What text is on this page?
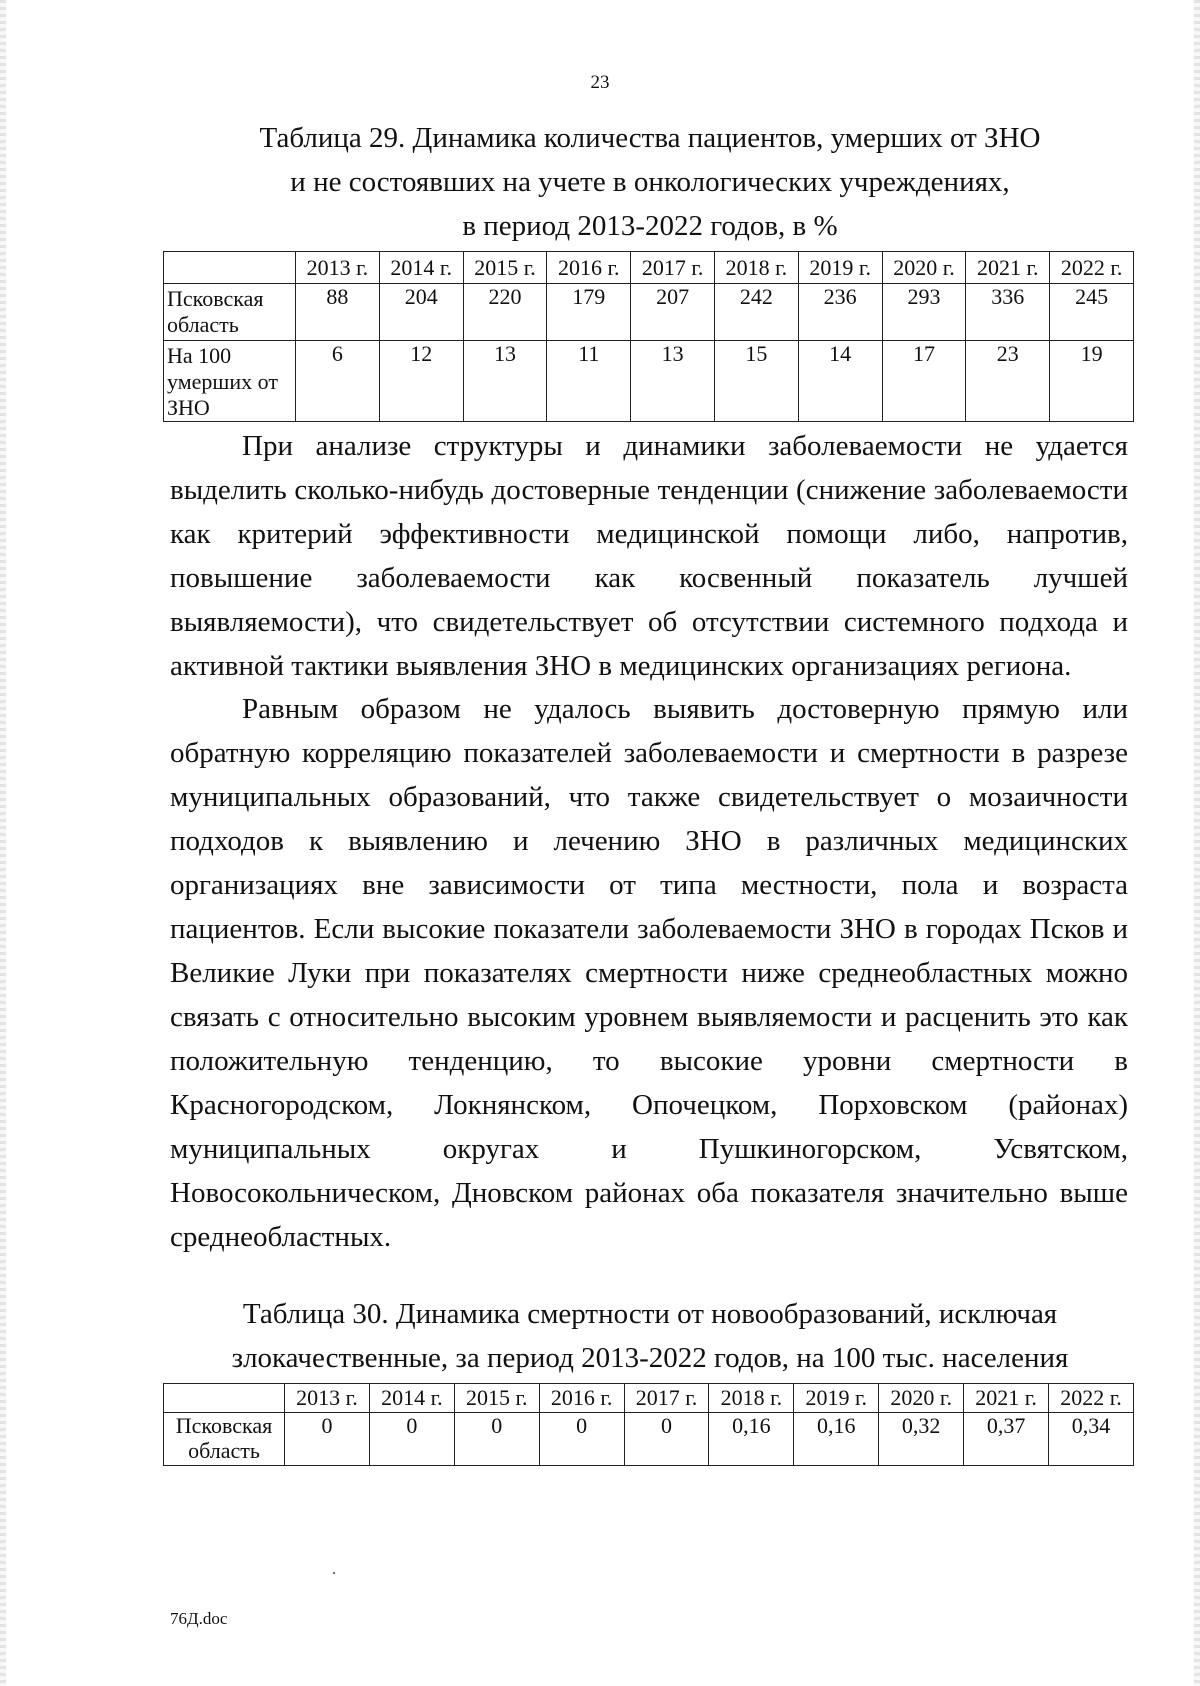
23
Таблица 29. Динамика количества пациентов, умерших от ЗНО
и не состоявших на учете в онкологических учреждениях,
в период 2013-2022 годов, в %
	2013 г.	2014 г.	2015 г.	2016 г.	2017 г.	2018 г.	2019 г.	2020 г.	2021 г.	2022 г.

Псковская
область	88	204	220	179	207	242	236	293	336	245

На 100
умерших от
ЗНО	6	12	13	11	13	15	14	17	23	19

При анализе структуры и динамики заболеваемости не удается выделить сколько-нибудь достоверные тенденции (снижение заболеваемости как критерий эффективности медицинской помощи либо, напротив, повышение заболеваемости как косвенный показатель лучшей выявляемости), что свидетельствует об отсутствии системного подхода и активной тактики выявления ЗНО в медицинских организациях региона.

Равным образом не удалось выявить достоверную прямую или обратную корреляцию показателей заболеваемости и смертности в разрезе муниципальных образований, что также свидетельствует о мозаичности подходов к выявлению и лечению ЗНО в различных медицинских организациях вне зависимости от типа местности, пола и возраста пациентов. Если высокие показатели заболеваемости ЗНО в городах Псков и Великие Луки при показателях смертности ниже среднеобластных можно связать с относительно высоким уровнем выявляемости и расценить это как положительную тенденцию, то высокие уровни смертности в Красногородском, Локнянском, Опочецком, Порховском (районах) муниципальных округах и Пушкиногорском, Усвятском, Новосокольническом, Дновском районах оба показателя значительно выше среднеобластных.

Таблица 30. Динамика смертности от новообразований, исключая
злокачественные, за период 2013-2022 годов, на 100 тыс. населения
	2013 г.	2014 г.	2015 г.	2016 г.	2017 г.	2018 г.	2019 г.	2020 г.	2021 г.	2022 г.

Псковская
область	0	0	0	0	0	0,16	0,16	0,32	0,37	0,34
76Д.doc
